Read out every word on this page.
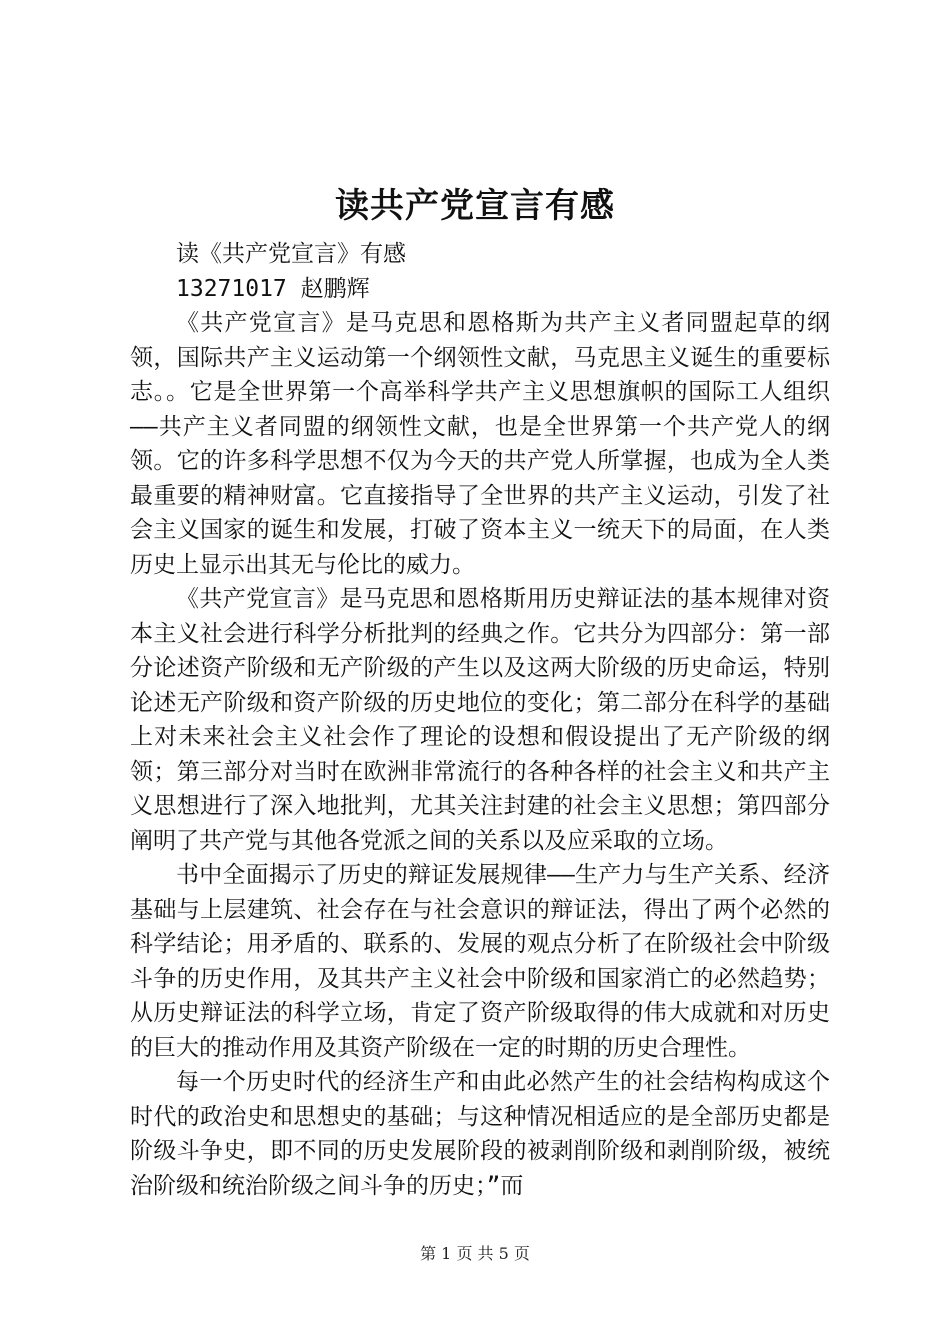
读共产党宣言有感

读《共产党宣言》有感

13271017 赵鹏辉

《共产党宣言》是马克思和恩格斯为共产主义者同盟起草的纲领，国际共产主义运动第一个纲领性文献，马克思主义诞生的重要标志。。它是全世界第一个高举科学共产主义思想旗帜的国际工人组织——共产主义者同盟的纲领性文献，也是全世界第一个共产党人的纲领。它的许多科学思想不仅为今天的共产党人所掌握，也成为全人类最重要的精神财富。它直接指导了全世界的共产主义运动，引发了社会主义国家的诞生和发展，打破了资本主义一统天下的局面，在人类历史上显示出其无与伦比的威力。

《共产党宣言》是马克思和恩格斯用历史辩证法的基本规律对资本主义社会进行科学分析批判的经典之作。它共分为四部分：第一部分论述资产阶级和无产阶级的产生以及这两大阶级的历史命运，特别论述无产阶级和资产阶级的历史地位的变化；第二部分在科学的基础上对未来社会主义社会作了理论的设想和假设提出了无产阶级的纲领；第三部分对当时在欧洲非常流行的各种各样的社会主义和共产主义思想进行了深入地批判，尤其关注封建的社会主义思想；第四部分阐明了共产党与其他各党派之间的关系以及应采取的立场。

书中全面揭示了历史的辩证发展规律——生产力与生产关系、经济基础与上层建筑、社会存在与社会意识的辩证法，得出了两个必然的科学结论；用矛盾的、联系的、发展的观点分析了在阶级社会中阶级斗争的历史作用，及其共产主义社会中阶级和国家消亡的必然趋势；从历史辩证法的科学立场，肯定了资产阶级取得的伟大成就和对历史的巨大的推动作用及其资产阶级在一定的时期的历史合理性。

每一个历史时代的经济生产和由此必然产生的社会结构构成这个时代的政治史和思想史的基础；与这种情况相适应的是全部历史都是阶级斗争史，即不同的历史发展阶段的被剥削阶级和剥削阶级，被统治阶级和统治阶级之间斗争的历史；”而

第 1 页 共 5 页
